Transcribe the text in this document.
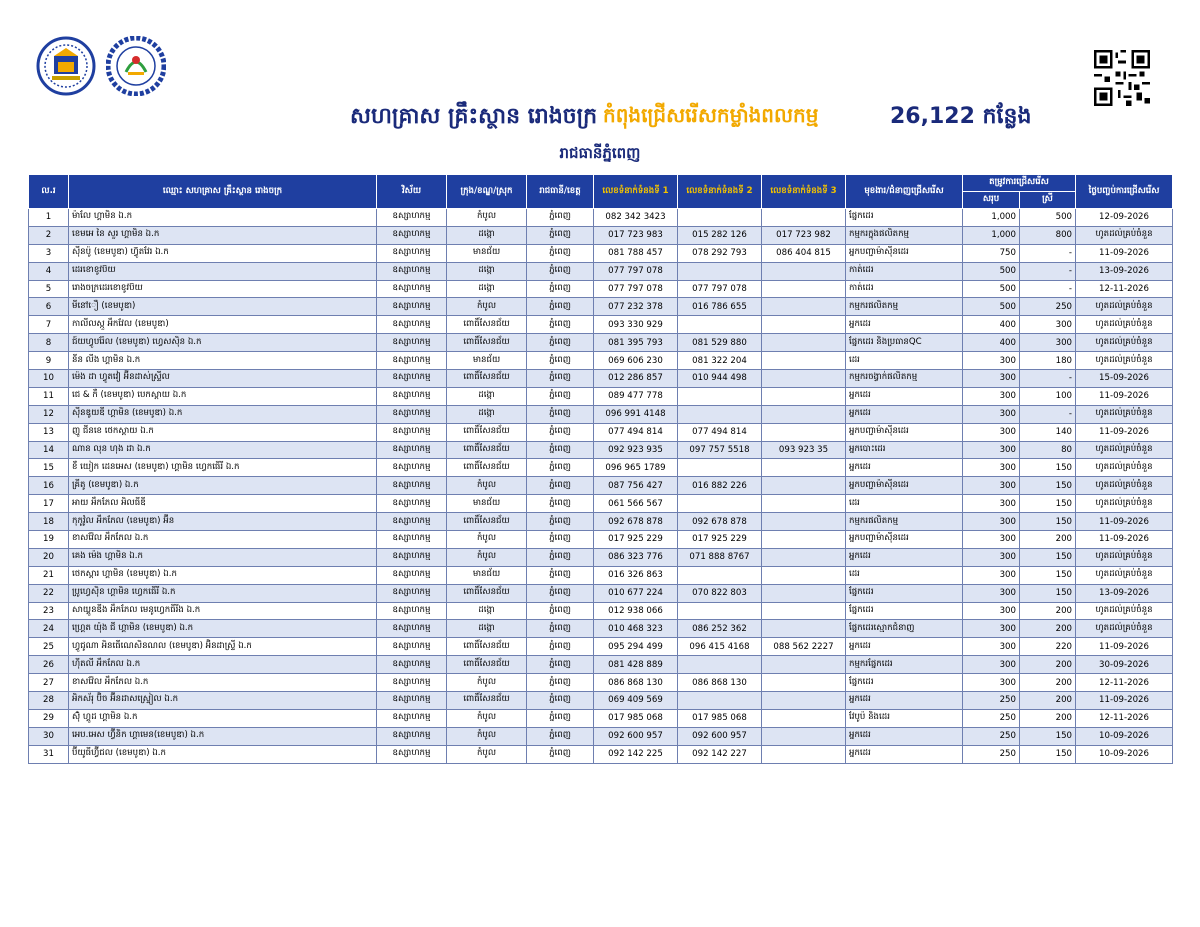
សហគ្រាស គ្រឹះស្ថាន រោងចក្រ កំពុងជ្រើសរើសកម្លាំងពលកម្ម	26,122 កន្លែង
រាជធានីភ្នំពេញ
ល.រ	ឈ្មោះ សហគ្រាស គ្រឹះស្ថាន រោងចក្រ	វិស័យ	ក្រុង/ខណ្ឌ/ស្រុក	រាជធានី/ខេត្ត	លេខទំនាក់ទំនងទី 1	លេខទំនាក់ទំនងទី 2	លេខទំនាក់ទំនងទី 3	មុខងារ/ជំនាញជ្រើសរើស	តម្រូវការជ្រើសរើស		ថ្ងៃបញ្ចប់ការជ្រើសរើស
									សរុប	ស្រី	
1	ម៉ាលែ ហ្គាមិន ឯ.ក	ឧស្សាហកម្ម	កំបូល	ភ្នំពេញ	082 342 3423			ផ្នែកដេរ	1,000	500	12-09-2026
2	ខេមអេ នៃ សួរ ហ្គាមិន ឯ.ក	ឧស្សាហកម្ម	ដង្កោ	ភ្នំពេញ	017 723 983	015 282 126	017 723 982	កម្មករក្នុងផលិតកម្ម	1,000	800	ហូតដល់គ្រប់ចំនួន
3	ស៊ីនប៉ូ (ខេមបូឌា) ហ៊្វូតវែរ ឯ.ក	ឧស្សាហកម្ម	មានជ័យ	ភ្នំពេញ	081 788 457	078 292 793	086 404 815	អ្នកបញ្ជាម៉ាស៊ីនដេរ	750	-	11-09-2026
4	ដេរខោខូវប៊យ	ឧស្សាហកម្ម	ដង្កោ	ភ្នំពេញ	077 797 078			កាត់ដេរ	500	-	13-09-2026
5	រោងចក្រដេរខោខូវប៊យ	ឧស្សាហកម្ម	ដង្កោ	ភ្នំពេញ	077 797 078	077 797 078		កាត់ដេរ	500	-	12-11-2026
6	មីនៅឿ (ខេមបូឌា)	ឧស្សាហកម្ម	កំបូល	ភ្នំពេញ	077 232 378	016 786 655		កម្មករផលិតកម្ម	500	250	ហូតដល់គ្រប់ចំនួន
7	កាលីលស្កួ អឹកវែល (ខេមបូឌា)	ឧស្សាហកម្ម	ពោធិ៍សែនជ័យ	ភ្នំពេញ	093 330 929			អ្នកដេរ	400	300	ហូតដល់គ្រប់ចំនួន
8	ជ៍យហ្វូបរ៉ែល (ខេមបូឌា) ហ្វេសស៊ិន ឯ.ក	ឧស្សាហកម្ម	ពោធិ៍សែនជ័យ	ភ្នំពេញ	081 395 793	081 529 880		ផ្នែកដេរ និងប្រធានQC	400	300	ហូតដល់គ្រប់ចំនួន
9	នីន លីង ហ្គាមិន ឯ.ក	ឧស្សាហកម្ម	មានជ័យ	ភ្នំពេញ	069 606 230	081 322 204		ដេរ	300	180	ហូតដល់គ្រប់ចំនួន
10	ម៉េង ដា ហ្វូតវៀ អ៊ីនដាស់ស្ទ្រីល	ឧស្សាហកម្ម	ពោធិ៍សែនជ័យ	ភ្នំពេញ	012 286 857	010 944 498		កម្មករចង្វាក់ផលិតកម្ម	300	-	15-09-2026
11	ជេ & កឺ (ខេមបូឌា) បេកស្តាយ ឯ.ក	ឧស្សាហកម្ម	ដង្កោ	ភ្នំពេញ	089 477 778			អ្នកដេរ	300	100	11-09-2026
12	ស៊ីនឌូយឌី ហ្គាមិន (ខេមបូឌា) ឯ.ក	ឧស្សាហកម្ម	ដង្កោ	ភ្នំពេញ	096 991 4148			អ្នកដេរ	300	-	ហូតដល់គ្រប់ចំនួន
13	ញូ ជីនខេ ថេកស្តាយ ឯ.ក	ឧស្សាហកម្ម	ពោធិ៍សែនជ័យ	ភ្នំពេញ	077 494 814	077 494 814		អ្នកបញ្ជាម៉ាស៊ីនដេរ	300	140	11-09-2026
14	ណាន លុន ហុង ដា ឯ.ក	ឧស្សាហកម្ម	ពោធិ៍សែនជ័យ	ភ្នំពេញ	092 923 935	097 757 5518	093 923 35	អ្នកបោះដេរ	300	80	ហូតដល់គ្រប់ចំនួន
15	ខឺ យៀក ដេនអេស (ខេមបូឌា) ហ្គាមិន ហ្វេកធើរី ឯ.ក	ឧស្សាហកម្ម	ពោធិ៍សែនជ័យ	ភ្នំពេញ	096 965 1789			អ្នកដេរ	300	150	ហូតដល់គ្រប់ចំនួន
16	គ្រីតូ (ខេមបូឌា) ឯ.ក	ឧស្សាហកម្ម	កំបូល	ភ្នំពេញ	087 756 427	016 882 226		អ្នកបញ្ជាម៉ាស៊ីនដេរ	300	150	ហូតដល់គ្រប់ចំនួន
17	អាយ អឹកភែល អិលធីឌី	ឧស្សាហកម្ម	មានជ័យ	ភ្នំពេញ	061 566 567			ដេរ	300	150	ហូតដល់គ្រប់ចំនួន
18	កុកូវ៉ូល អឹកភែល (ខេមបូឌា) អ៊ីន	ឧស្សាហកម្ម	ពោធិ៍សែនជ័យ	ភ្នំពេញ	092 678 878	092 678 878		កម្មករផលិតកម្ម	300	150	11-09-2026
19	ខាសវ៉ែល អឹកភែល ឯ.ក	ឧស្សាហកម្ម	កំបូល	ភ្នំពេញ	017 925 229	017 925 229		អ្នកបញ្ជាម៉ាស៊ីនដេរ	300	200	11-09-2026
20	គេង ម៉េង ហ្គាមិន ឯ.ក	ឧស្សាហកម្ម	កំបូល	ភ្នំពេញ	086 323 776	071 888 8767		អ្នកដេរ	300	150	ហូតដល់គ្រប់ចំនួន
21	ថេកស្តារ ហ្គាមិន (ខេមបូឌា) ឯ.ក	ឧស្សាហកម្ម	មានជ័យ	ភ្នំពេញ	016 326 863			ដេរ	300	150	ហូតដល់គ្រប់ចំនួន
22	ប្រូហ្វេស៊ិន ហ្គាមិន ហ្វេកធើរី ឯ.ក	ឧស្សាហកម្ម	ពោធិ៍សែនជ័យ	ភ្នំពេញ	010 677 224	070 822 803		ផ្នែកដេរ	300	150	13-09-2026
23	សាយ្គូនឌីង អឹកភែល មេនូហ្វេកធីរីង ឯ.ក	ឧស្សាហកម្ម	ដង្កោ	ភ្នំពេញ	012 938 066			ផ្នែកដេរ	300	200	ហូតដល់គ្រប់ចំនួន
24	ហ្គ្រេត យ៉ុង ជី ហ្គាមិន (ខេមបូឌា) ឯ.ក	ឧស្សាហកម្ម	ដង្កោ	ភ្នំពេញ	010 468 323	086 252 362		ផ្នែកដេរស្មោកជំនាញ	300	200	ហូតដល់គ្រប់ចំនួន
25	ហ្វូជូណា អិនធើណេសិនណល (ខេមបូឌា) អ៊ិនដាស្ទ្រី ឯ.ក	ឧស្សាហកម្ម	ពោធិ៍សែនជ័យ	ភ្នំពេញ	095 294 499	096 415 4168	088 562 2227	អ្នកដេរ	300	220	11-09-2026
26	ហ៊ីតលី អឹកភែល ឯ.ក	ឧស្សាហកម្ម	ពោធិ៍សែនជ័យ	ភ្នំពេញ	081 428 889			កម្មករផ្នែកដេរ	300	200	30-09-2026
27	ខាសវ៉ែល អឹកភែល ឯ.ក	ឧស្សាហកម្ម	កំបូល	ភ្នំពេញ	086 868 130	086 868 130		ផ្នែកដេរ	300	200	12-11-2026
28	អិកស័រុ ប៊ិច អ៊ីនដាសស្ទ្រៀល ឯ.ក	ឧស្សាហកម្ម	ពោធិ៍សែនជ័យ	ភ្នំពេញ	069 409 569			អ្នកដេរ	250	200	11-09-2026
29	ស៊ុំ ហ្គូដ ហ្គាមិន ឯ.ក	ឧស្សាហកម្ម	កំបូល	ភ្នំពេញ	017 985 068	017 985 068		វែបូប៉ និងដេរ	250	200	12-11-2026
30	អេប.អេស ហ្វ៊ីនិក ហ្គាមេន(ខេមបូឌា) ឯ.ក	ឧស្សាហកម្ម	កំបូល	ភ្នំពេញ	092 600 957	092 600 957		អ្នកដេរ	250	150	10-09-2026
31	ប៊ីយូធីហ្វ៊ីជល (ខេមបូឌា) ឯ.ក	ឧស្សាហកម្ម	កំបូល	ភ្នំពេញ	092 142 225	092 142 227		អ្នកដេរ	250	150	10-09-2026
